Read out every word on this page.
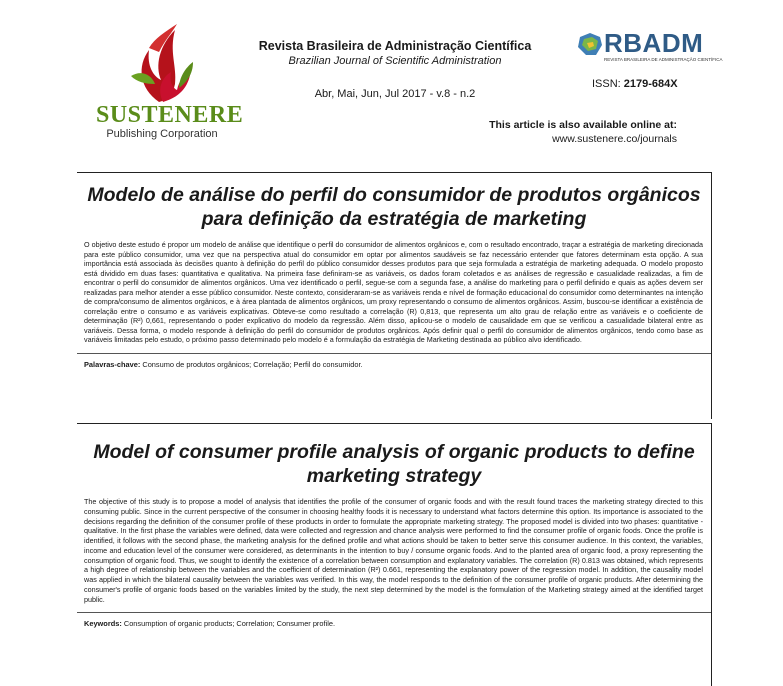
SUSTENERE
Publishing Corporation
Revista Brasileira de Administração Científica
Brazilian Journal of Scientific Administration
Abr, Mai, Jun, Jul 2017 - v.8 - n.2
RBADM
REVISTA BRASILEIRA DE ADMINISTRAÇÃO CIENTÍFICA
ISSN: 2179-684X
This article is also available online at:
www.sustenere.co/journals
Modelo de análise do perfil do consumidor de produtos orgânicos para definição da estratégia de marketing
O objetivo deste estudo é propor um modelo de análise que identifique o perfil do consumidor de alimentos orgânicos e, com o resultado encontrado, traçar a estratégia de marketing direcionada para este público consumidor, uma vez que na perspectiva atual do consumidor em optar por alimentos saudáveis se faz necessário entender que fatores determinam esta opção. A sua importância está associada às decisões quanto à definição do perfil do público consumidor desses produtos para que seja formulada a estratégia de marketing adequada. O modelo proposto está dividido em duas fases: quantitativa e qualitativa. Na primeira fase definiram-se as variáveis, os dados foram coletados e as análises de regressão e casualidade realizadas, a fim de encontrar o perfil do consumidor de alimentos orgânicos. Uma vez identificado o perfil, segue-se com a segunda fase, a análise do marketing para o perfil definido e quais as ações devem ser realizadas para melhor atender a esse público consumidor. Neste contexto, consideraram-se as variáveis renda e nível de formação educacional do consumidor como determinantes na intenção de compra/consumo de alimentos orgânicos, e à área plantada de alimentos orgânicos, um proxy representando o consumo de alimentos orgânicos. Assim, buscou-se identificar a existência de correlação entre o consumo e as variáveis explicativas. Obteve-se como resultado a correlação (R) 0,813, que representa um alto grau de relação entre as variáveis e o coeficiente de determinação (R²) 0,661, representando o poder explicativo do modelo da regressão. Além disso, aplicou-se o modelo de causalidade em que se verificou a casualidade bilateral entre as variáveis. Dessa forma, o modelo responde à definição do perfil do consumidor de produtos orgânicos. Após definir qual o perfil do consumidor de alimentos orgânicos, tendo como base as variáveis limitadas pelo estudo, o próximo passo determinado pelo modelo é a formulação da estratégia de Marketing destinada ao público alvo identificado.
Palavras-chave: Consumo de produtos orgânicos; Correlação; Perfil do consumidor.
Model of consumer profile analysis of organic products to define marketing strategy
The objective of this study is to propose a model of analysis that identifies the profile of the consumer of organic foods and with the result found traces the marketing strategy directed to this consuming public. Since in the current perspective of the consumer in choosing healthy foods it is necessary to understand what factors determine this option. Its importance is associated to the decisions regarding the definition of the consumer profile of these products in order to formulate the appropriate marketing strategy. The proposed model is divided into two phases: quantitative - qualitative. In the first phase the variables were defined, data were collected and regression and chance analysis were performed to find the consumer profile of organic foods. Once the profile is identified, it follows with the second phase, the marketing analysis for the defined profile and what actions should be taken to better serve this consumer audience. In this context, the variables, income and education level of the consumer were considered, as determinants in the intention to buy / consume organic foods. And to the planted area of organic food, a proxy representing the consumption of organic food. Thus, we sought to identify the existence of a correlation between consumption and explanatory variables. The correlation (R) 0.813 was obtained, which represents a high degree of relationship between the variables and the coefficient of determination (R²) 0.661, representing the explanatory power of the regression model. In addition, the causality model was applied in which the bilateral causality between the variables was verified. In this way, the model responds to the definition of the consumer profile of organic products. After determining the consumer's profile of organic foods based on the variables limited by the study, the next step determined by the model is the formulation of the Marketing strategy aimed at the identified target public.
Keywords: Consumption of organic products; Correlation; Consumer profile.
